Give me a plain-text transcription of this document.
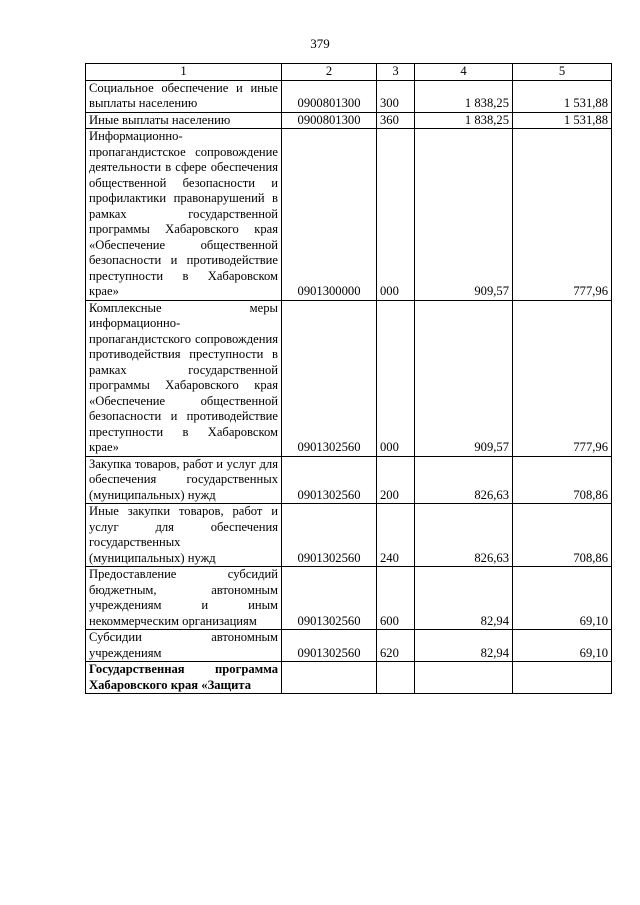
379
1	2	3	4	5
Социальное обеспечение и иные выплаты населению	0900801300	300	1 838,25	1 531,88
Иные выплаты населению	0900801300	360	1 838,25	1 531,88
Информационно-пропагандистское сопровождение деятельности в сфере обеспечения общественной безопасности и профилактики правонарушений в рамках государственной программы Хабаровского края «Обеспечение общественной безопасности и противодействие преступности в Хабаровском крае»	0901300000	000	909,57	777,96
Комплексные меры информационно-пропагандистского сопровождения противодействия преступности в рамках государственной программы Хабаровского края «Обеспечение общественной безопасности и противодействие преступности в Хабаровском крае»	0901302560	000	909,57	777,96
Закупка товаров, работ и услуг для обеспечения государственных (муниципальных) нужд	0901302560	200	826,63	708,86
Иные закупки товаров, работ и услуг для обеспечения государственных (муниципальных) нужд	0901302560	240	826,63	708,86
Предоставление субсидий бюджетным, автономным учреждениям и иным некоммерческим организациям	0901302560	600	82,94	69,10
Субсидии автономным учреждениям	0901302560	620	82,94	69,10
Государственная программа Хабаровского края «Защита				
